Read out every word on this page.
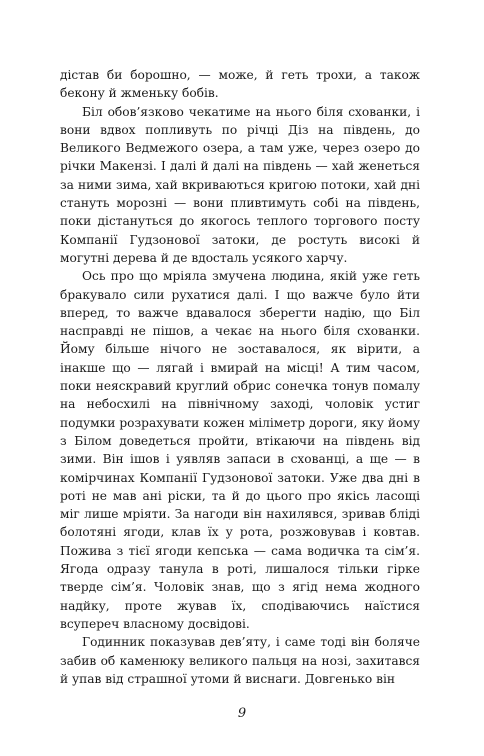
дістав би борошно, — може, й геть трохи, а також бекону й жменьку бобів.

Біл обов’язково чекатиме на нього біля схованки, і вони вдвох попливуть по річці Діз на південь, до Великого Ведмежого озера, а там уже, через озеро до річки Макензі. І далі й далі на південь — хай женеться за ними зима, хай вкриваються кригою потоки, хай дні стануть морозні — вони пливтимуть собі на південь, поки дістануться до якогось теплого торгового посту Компанії Гудзонової затоки, де ростуть високі й могутні дерева й де вдосталь усякого харчу.

Ось про що мріяла змучена людина, якій уже геть бракувало сили рухатися далі. І що важче було йти вперед, то важче вдавалося зберегти надію, що Біл насправді не пішов, а чекає на нього біля схованки. Йому більше нічого не зоставалося, як вірити, а інакше що — лягай і вмирай на місці! А тим часом, поки неяскравий круглий обрис сонечка тонув помалу на небосхилі на північному заході, чоловік устиг подумки розрахувати кожен міліметр дороги, яку йому з Білом доведеться пройти, втікаючи на південь від зими. Він ішов і уявляв запаси в схованці, а ще — в комірчинах Компанії Гудзонової затоки. Уже два дні в роті не мав ані ріски, та й до цього про якісь ласощі міг лише мріяти. За нагоди він нахилявся, зривав бліді болотяні ягоди, клав їх у рота, розжовував і ковтав. Пожива з тієї ягоди кепська — сама водичка та сім’я. Ягода одразу танула в роті, лишалося тільки гірке тверде сім’я. Чоловік знав, що з ягід нема жодного надйку, проте жував їх, сподіваючись наїстися всупереч власному досвідові.

Годинник показував дев’яту, і саме тоді він боляче забив об каменюку великого пальця на нозі, захитався й упав від страшної утоми й виснаги. Довгенько він

9
